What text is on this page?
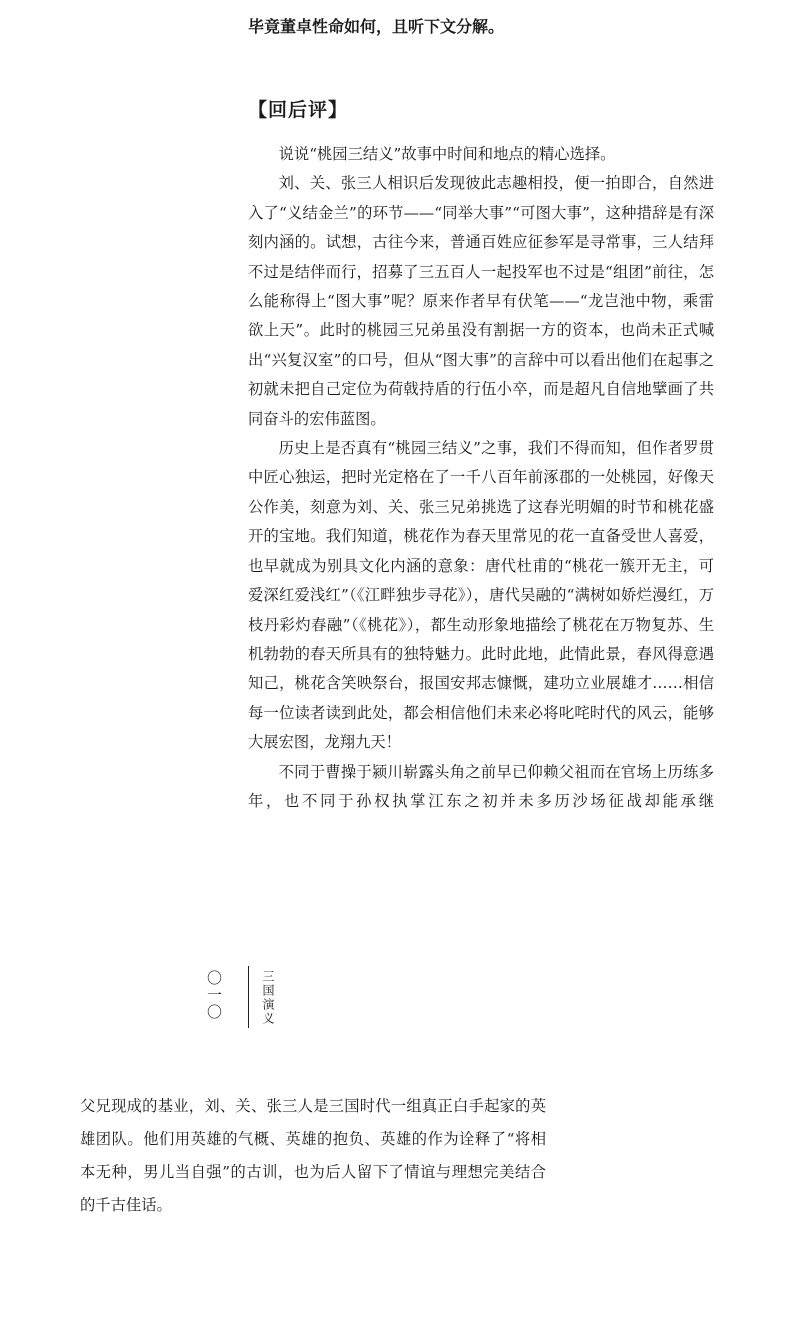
毕竟董卓性命如何，且听下文分解。
【回后评】

说说“桃园三结义”故事中时间和地点的精心选择。

刘、关、张三人相识后发现彼此志趣相投，便一拍即合，自然进入了“义结金兰”的环节——“同举大事”“可图大事”，这种措辞是有深刻内涵的。试想，古往今来，普通百姓应征参军是寻常事，三人结拜不过是结伴而行，招募了三五百人一起投军也不过是“组团”前往，怎么能称得上“图大事”呢？原来作者早有伏笔——“龙岂池中物，乘雷欲上天”。此时的桃园三兄弟虽没有割据一方的资本，也尚未正式喊出“兴复汉室”的口号，但从“图大事”的言辞中可以看出他们在起事之初就未把自己定位为荷戟持盾的行伍小卒，而是超凡自信地擘画了共同奋斗的宏伟蓝图。

历史上是否真有“桃园三结义”之事，我们不得而知，但作者罗贯中匠心独运，把时光定格在了一千八百年前涿郡的一处桃园，好像天公作美，刻意为刘、关、张三兄弟挑选了这春光明媚的时节和桃花盛开的宝地。我们知道，桃花作为春天里常见的花一直备受世人喜爱，也早就成为别具文化内涵的意象：唐代杜甫的“桃花一簇开无主，可爱深红爱浅红”（《江畔独步寻花》），唐代吴融的“满树如娇烂漫红，万枝丹彩灼春融”（《桃花》），都生动形象地描绘了桃花在万物复苏、生机勃勃的春天所具有的独特魅力。此时此地，此情此景，春风得意遇知己，桃花含笑映祭台，报国安邦志慷慨，建功立业展雄才……相信每一位读者读到此处，都会相信他们未来必将叱咤时代的风云，能够大展宏图，龙翔九天！

不同于曹操于颍川崭露头角之前早已仰赖父祖而在官场上历练多年，也不同于孙权执掌江东之初并未多历沙场征战却能承继

〇一〇	三国演义

父兄现成的基业，刘、关、张三人是三国时代一组真正白手起家的英雄团队。他们用英雄的气概、英雄的抱负、英雄的作为诠释了“将相本无种，男儿当自强”的古训，也为后人留下了情谊与理想完美结合的千古佳话。
